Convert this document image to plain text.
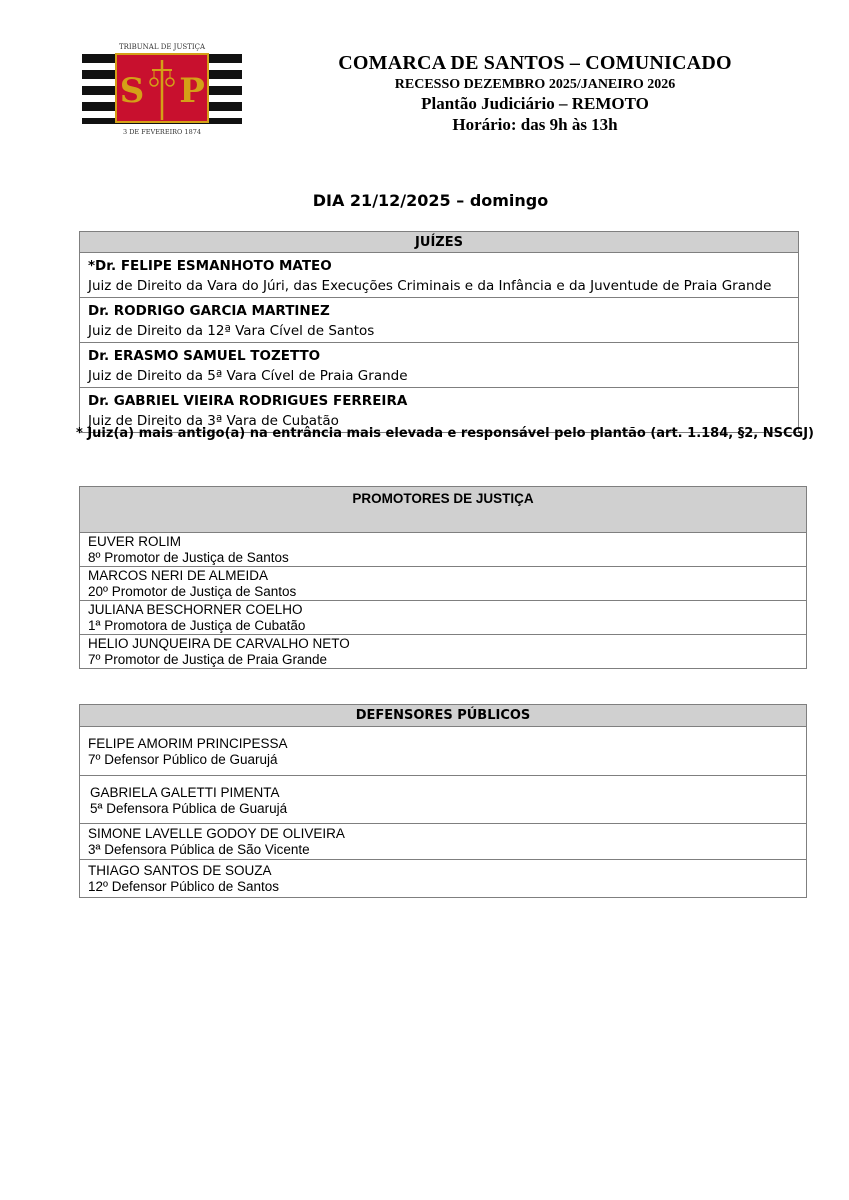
S P
TRIBUNAL DE JUSTIÇA
3 DE FEVEREIRO 1874
COMARCA DE SANTOS – COMUNICADO
RECESSO DEZEMBRO 2025/JANEIRO 2026
Plantão Judiciário – REMOTO
Horário: das 9h às 13h
DIA 21/12/2025 – domingo
JUÍZES

*Dr. FELIPE ESMANHOTO MATEO
Juiz de Direito da Vara do Júri, das Execuções Criminais e da Infância e da Juventude de Praia Grande

Dr. RODRIGO GARCIA MARTINEZ
Juiz de Direito da 12ª Vara Cível de Santos

Dr. ERASMO SAMUEL TOZETTO
Juiz de Direito da 5ª Vara Cível de Praia Grande

Dr. GABRIEL VIEIRA RODRIGUES FERREIRA
Juiz de Direito da 3ª Vara de Cubatão
* Juiz(a) mais antigo(a) na entrância mais elevada e responsável pelo plantão (art. 1.184, §2, NSCGJ)
PROMOTORES DE JUSTIÇA

EUVER ROLIM
8º Promotor de Justiça de Santos

MARCOS NERI DE ALMEIDA
20º Promotor de Justiça de Santos

JULIANA BESCHORNER COELHO
1ª Promotora de Justiça de Cubatão

HELIO JUNQUEIRA DE CARVALHO NETO
7º Promotor de Justiça de Praia Grande
DEFENSORES PÚBLICOS

FELIPE AMORIM PRINCIPESSA
7º Defensor Público de Guarujá

GABRIELA GALETTI PIMENTA
5ª Defensora Pública de Guarujá

SIMONE LAVELLE GODOY DE OLIVEIRA
3ª Defensora Pública de São Vicente

THIAGO SANTOS DE SOUZA
12º Defensor Público de Santos
